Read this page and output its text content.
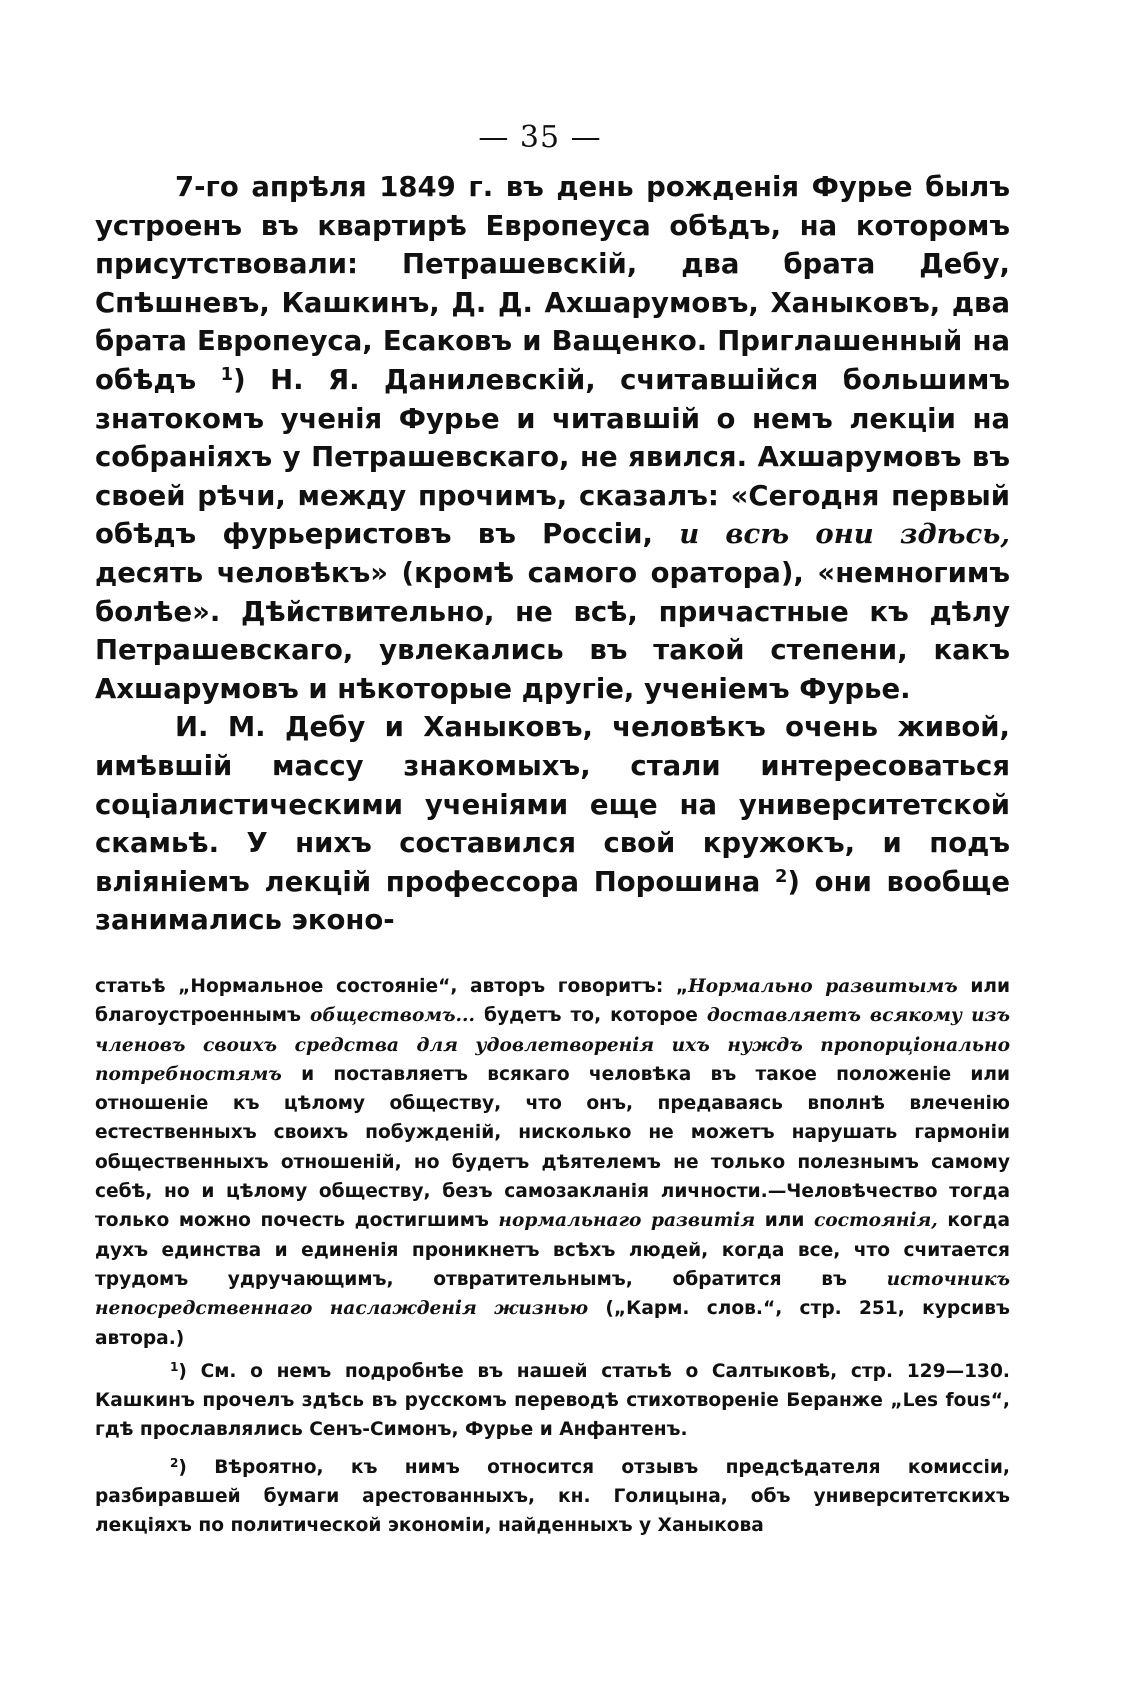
— 35 —

7-го апрѣля 1849 г. въ день рожденія Фурье былъ устроенъ въ квартирѣ Европеуса обѣдъ, на которомъ присутствовали: Петрашевскій, два брата Дебу, Спѣшневъ, Кашкинъ, Д. Д. Ахшарумовъ, Ханыковъ, два брата Европеуса, Есаковъ и Ващенко. Приглашенный на обѣдъ $^1$) Н. Я. Данилевскій, считавшійся большимъ знатокомъ ученія Фурье и читавшій о немъ лекціи на собраніяхъ у Петрашевскаго, не явился. Ахшарумовъ въ своей рѣчи, между прочимъ, сказалъ: «Сегодня первый обѣдъ фурьеристовъ въ Россіи, и всѣ они здѣсь, десять человѣкъ» (кромѣ самого оратора), «немногимъ болѣе». Дѣйствительно, не всѣ, причастные къ дѣлу Петрашевскаго, увлекались въ такой степени, какъ Ахшарумовъ и нѣкоторые другіе, ученіемъ Фурье.

И. М. Дебу и Ханыковъ, человѣкъ очень живой, имѣвшій массу знакомыхъ, стали интересоваться соціалистическими ученіями еще на университетской скамьѣ. У нихъ составился свой кружокъ, и подъ вліяніемъ лекцій профессора Порошина $^2$) они вообще занимались эконо-

статьѣ „Нормальное состояніе“, авторъ говоритъ: „Нормально развитымъ или благоустроеннымъ обществомъ... будетъ то, которое доставляетъ всякому изъ членовъ своихъ средства для удовлетворенія ихъ нуждъ пропорціонально потребностямъ и поставляетъ всякаго человѣка въ такое положеніе или отношеніе къ цѣлому обществу, что онъ, предаваясь вполнѣ влеченію естественныхъ своихъ побужденій, нисколько не можетъ нарушать гармоніи общественныхъ отношеній, но будетъ дѣятелемъ не только полезнымъ самому себѣ, но и цѣлому обществу, безъ самозакланія личности.—Человѣчество тогда только можно почесть достигшимъ нормальнаго развитія или состоянія, когда духъ единства и единенія проникнетъ всѣхъ людей, когда все, что считается трудомъ удручающимъ, отвратительнымъ, обратится въ источникъ непосредственнаго наслажденія жизнью („Карм. слов.“, стр. 251, курсивъ автора.)

$^1$) См. о немъ подробнѣе въ нашей статьѣ о Салтыковѣ, стр. 129—130. Кашкинъ прочелъ здѣсь въ русскомъ переводѣ стихотвореніе Беранже „Les fous“, гдѣ прославлялись Сенъ-Симонъ, Фурье и Анфантенъ.

$^2$) Вѣроятно, къ нимъ относится отзывъ предсѣдателя комиссіи, разбиравшей бумаги арестованныхъ, кн. Голицына, объ университетскихъ лекціяхъ по политической экономіи, найденныхъ у Ханыкова
